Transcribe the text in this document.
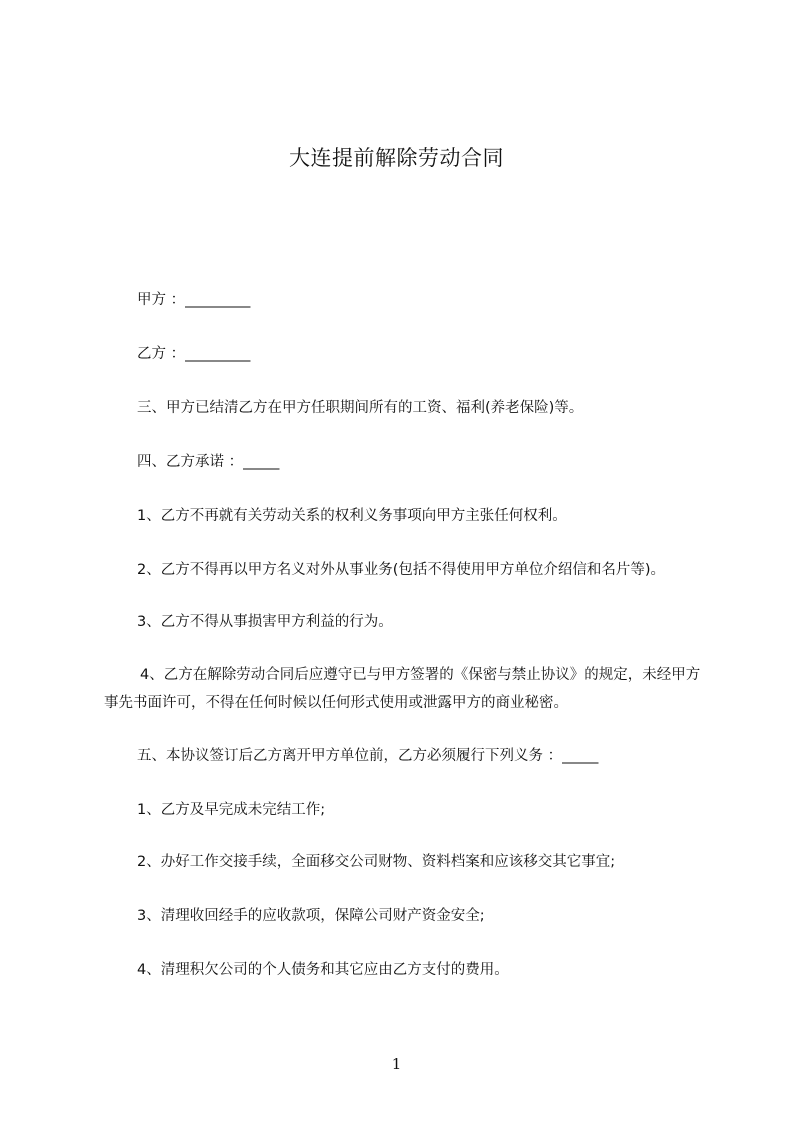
大连提前解除劳动合同
甲方 ：_________
乙方 ：_________
三、甲方已结清乙方在甲方任职期间所有的工资、福利(养老保险)等。
四、乙方承诺 ：_____
1、乙方不再就有关劳动关系的权利义务事项向甲方主张任何权利。
2、乙方不得再以甲方名义对外从事业务(包括不得使用甲方单位介绍信和名片等)。
3、乙方不得从事损害甲方利益的行为。
4、乙方在解除劳动合同后应遵守已与甲方签署的《保密与禁止协议》的规定，未经甲方事先书面许可，不得在任何时候以任何形式使用或泄露甲方的商业秘密。
五、本协议签订后乙方离开甲方单位前，乙方必须履行下列义务 ：_____
1、乙方及早完成未完结工作;
2、办好工作交接手续，全面移交公司财物、资料档案和应该移交其它事宜;
3、清理收回经手的应收款项，保障公司财产资金安全;
4、清理积欠公司的个人债务和其它应由乙方支付的费用。
1
